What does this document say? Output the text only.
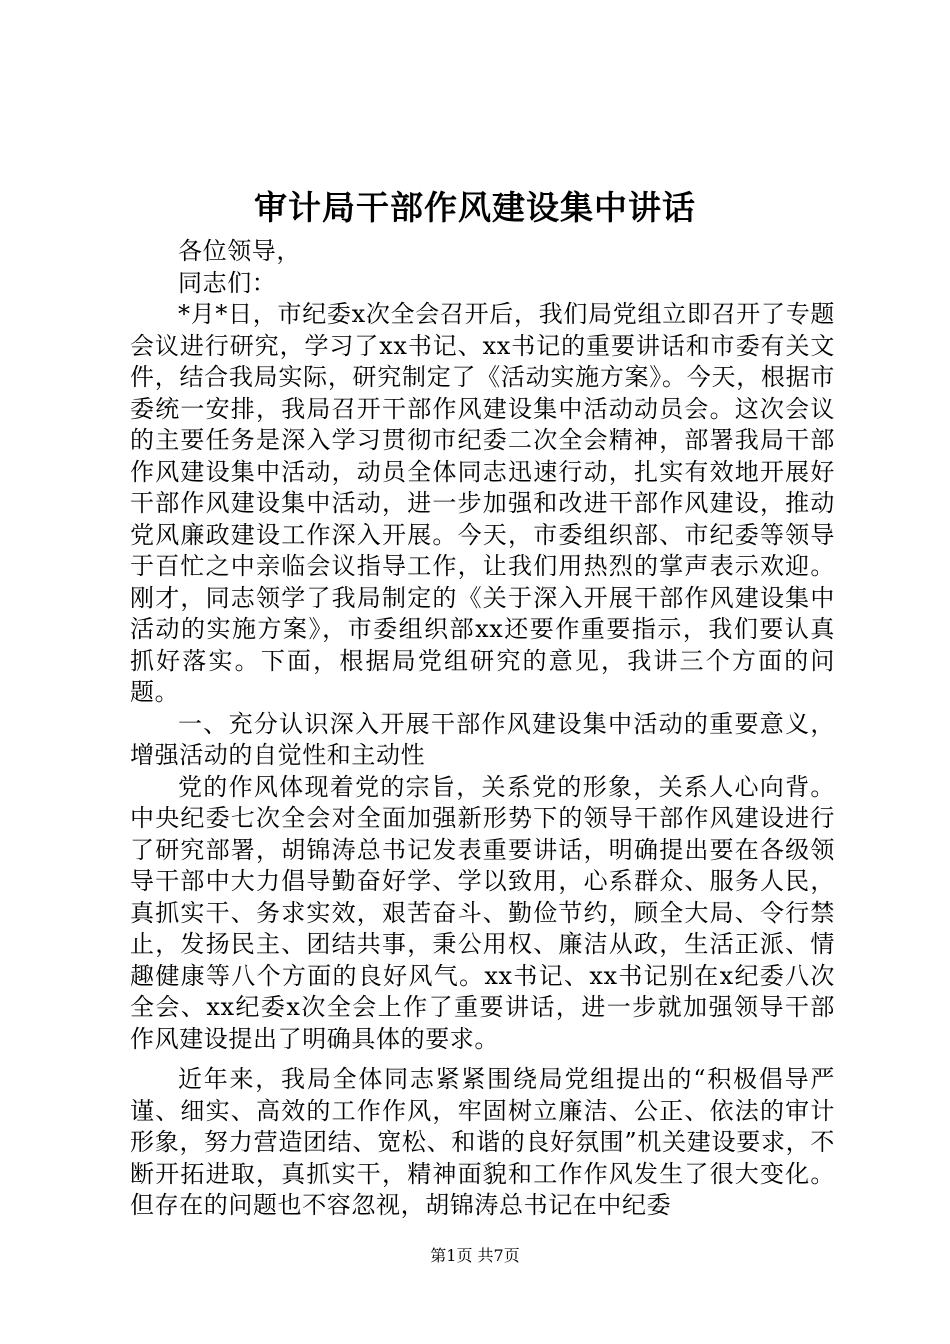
审计局干部作风建设集中讲话

各位领导，

同志们：

*月*日，市纪委x次全会召开后，我们局党组立即召开了专题会议进行研究，学习了xx书记、xx书记的重要讲话和市委有关文件，结合我局实际，研究制定了《活动实施方案》。今天，根据市委统一安排，我局召开干部作风建设集中活动动员会。这次会议的主要任务是深入学习贯彻市纪委二次全会精神，部署我局干部作风建设集中活动，动员全体同志迅速行动，扎实有效地开展好干部作风建设集中活动，进一步加强和改进干部作风建设，推动党风廉政建设工作深入开展。今天，市委组织部、市纪委等领导于百忙之中亲临会议指导工作，让我们用热烈的掌声表示欢迎。刚才，同志领学了我局制定的《关于深入开展干部作风建设集中活动的实施方案》，市委组织部xx还要作重要指示，我们要认真抓好落实。下面，根据局党组研究的意见，我讲三个方面的问题。

一、充分认识深入开展干部作风建设集中活动的重要意义，增强活动的自觉性和主动性

党的作风体现着党的宗旨，关系党的形象，关系人心向背。中央纪委七次全会对全面加强新形势下的领导干部作风建设进行了研究部署，胡锦涛总书记发表重要讲话，明确提出要在各级领导干部中大力倡导勤奋好学、学以致用，心系群众、服务人民，真抓实干、务求实效，艰苦奋斗、勤俭节约，顾全大局、令行禁止，发扬民主、团结共事，秉公用权、廉洁从政，生活正派、情趣健康等八个方面的良好风气。xx书记、xx书记别在x纪委八次全会、xx纪委x次全会上作了重要讲话，进一步就加强领导干部作风建设提出了明确具体的要求。

近年来，我局全体同志紧紧围绕局党组提出的“积极倡导严谨、细实、高效的工作作风，牢固树立廉洁、公正、依法的审计形象，努力营造团结、宽松、和谐的良好氛围”机关建设要求，不断开拓进取，真抓实干，精神面貌和工作作风发生了很大变化。但存在的问题也不容忽视，胡锦涛总书记在中纪委

第1页 共7页
